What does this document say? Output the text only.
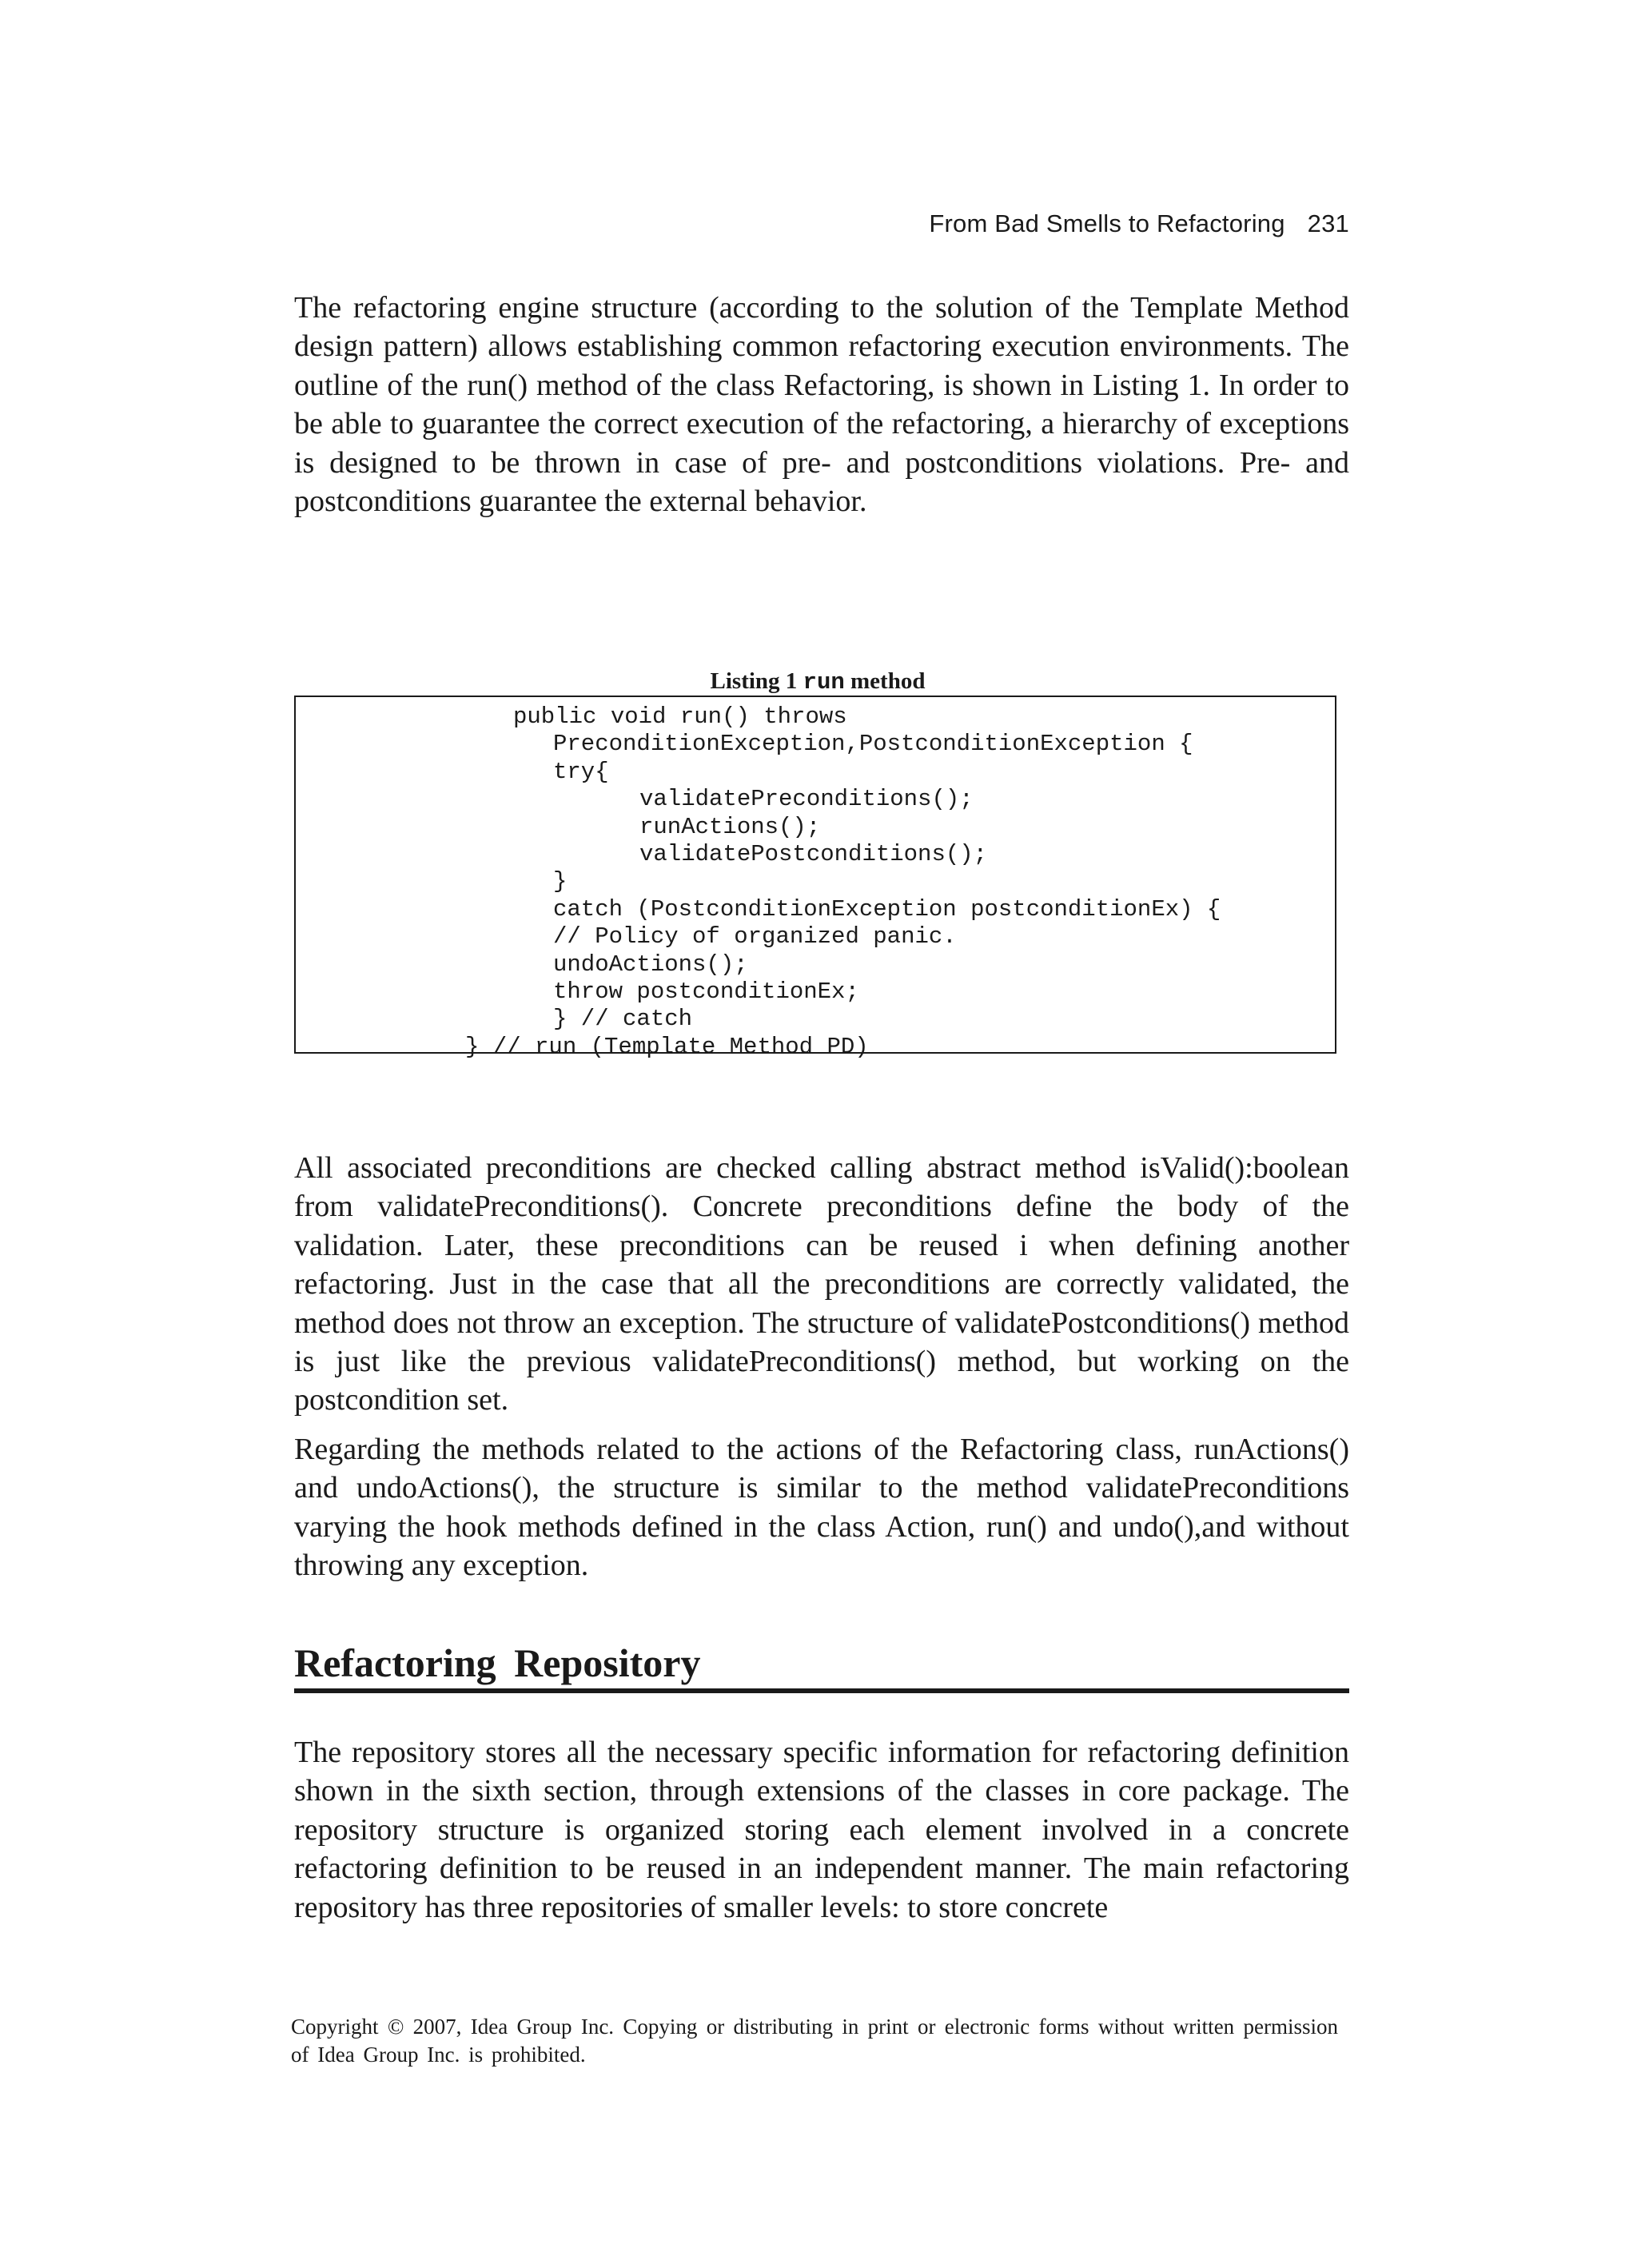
From Bad Smells to Refactoring 231

The refactoring engine structure (according to the solution of the Template Method design pattern) allows establishing common refactoring execution environments. The outline of the run() method of the class Refactoring, is shown in Listing 1. In order to be able to guarantee the correct execution of the refactoring, a hierarchy of exceptions is designed to be thrown in case of pre- and postconditions violations. Pre- and postconditions guarantee the external behavior.

Listing 1 run method
public void run() throws
PreconditionException,PostconditionException {
try{
validatePreconditions();
runActions();
validatePostconditions();
}
catch (PostconditionException postconditionEx) {
// Policy of organized panic.
undoActions();
throw postconditionEx;
} // catch
} // run (Template Method PD)

All associated preconditions are checked calling abstract method isValid():boolean from validatePreconditions(). Concrete preconditions define the body of the validation. Later, these preconditions can be reused i when defining another refactoring. Just in the case that all the preconditions are correctly validated, the method does not throw an exception. The structure of validatePostconditions() method is just like the previous validatePreconditions() method, but working on the postcondition set.

Regarding the methods related to the actions of the Refactoring class, runActions() and undoActions(), the structure is similar to the method validatePreconditions varying the hook methods defined in the class Action, run() and undo(),and without throwing any exception.

Refactoring Repository

The repository stores all the necessary specific information for refactoring definition shown in the sixth section, through extensions of the classes in core package. The repository structure is organized storing each element involved in a concrete refactoring definition to be reused in an independent manner. The main refactoring repository has three repositories of smaller levels: to store concrete

Copyright © 2007, Idea Group Inc. Copying or distributing in print or electronic forms without written permission of Idea Group Inc. is prohibited.
